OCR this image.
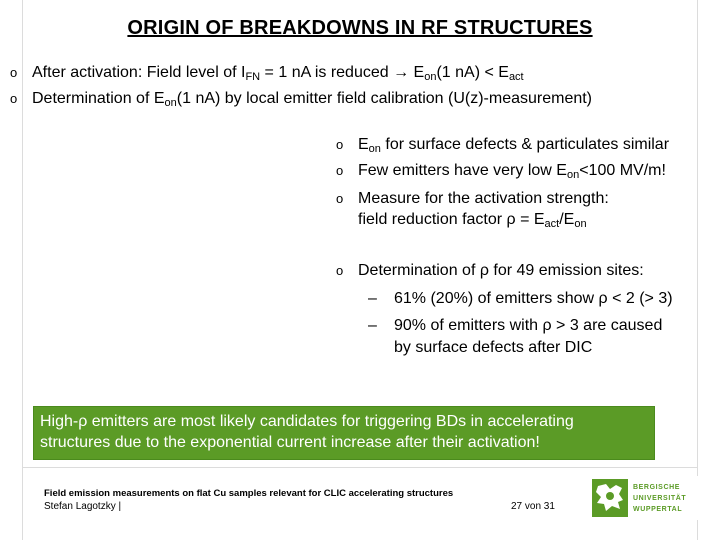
ORIGIN OF BREAKDOWNS IN RF STRUCTURES
o After activation: Field level of $I_{FN} = 1$ nA is reduced → $E_{on}(1$ $nA) < E_{act}$
o Determination of $E_{on}(1$ nA) by local emitter field calibration (U(z)-measurement)
o $E_{on}$ for surface defects & particulates similar
o Few emitters have very low $E_{on}<100$ MV/m!
o Measure for the activation strength:
field reduction factor $\rho = E_{act}/E_{on}$
o Determination of ρ for 49 emission sites:
– 61% (20%) of emitters show ρ < 2 (> 3)
– 90% of emitters with ρ > 3 are caused
by surface defects after DIC
High-ρ emitters are most likely candidates for triggering BDs in accelerating
structures due to the exponential current increase after their activation!
Field emission measurements on flat Cu samples relevant for CLIC accelerating structures
Stefan Lagotzky |	27 von 31
BERGISCHE
UNIVERSITÄT
WUPPERTAL
